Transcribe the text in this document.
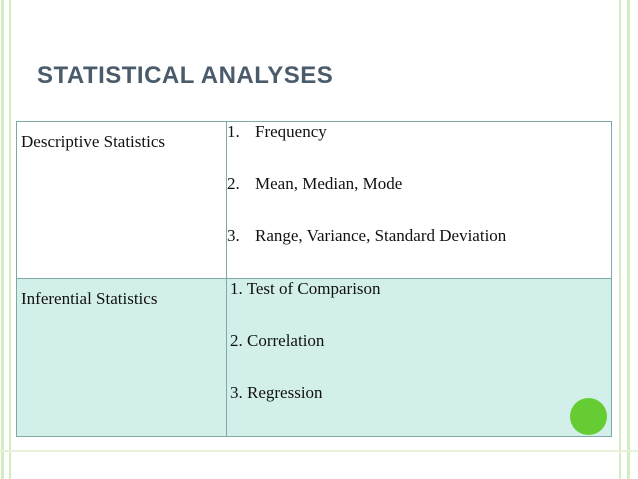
STATISTICAL ANALYSES
Descriptive Statistics	1. Frequency
2. Mean, Median, Mode
3. Range, Variance, Standard Deviation

Inferential Statistics	1. Test of Comparison
2. Correlation
3. Regression
